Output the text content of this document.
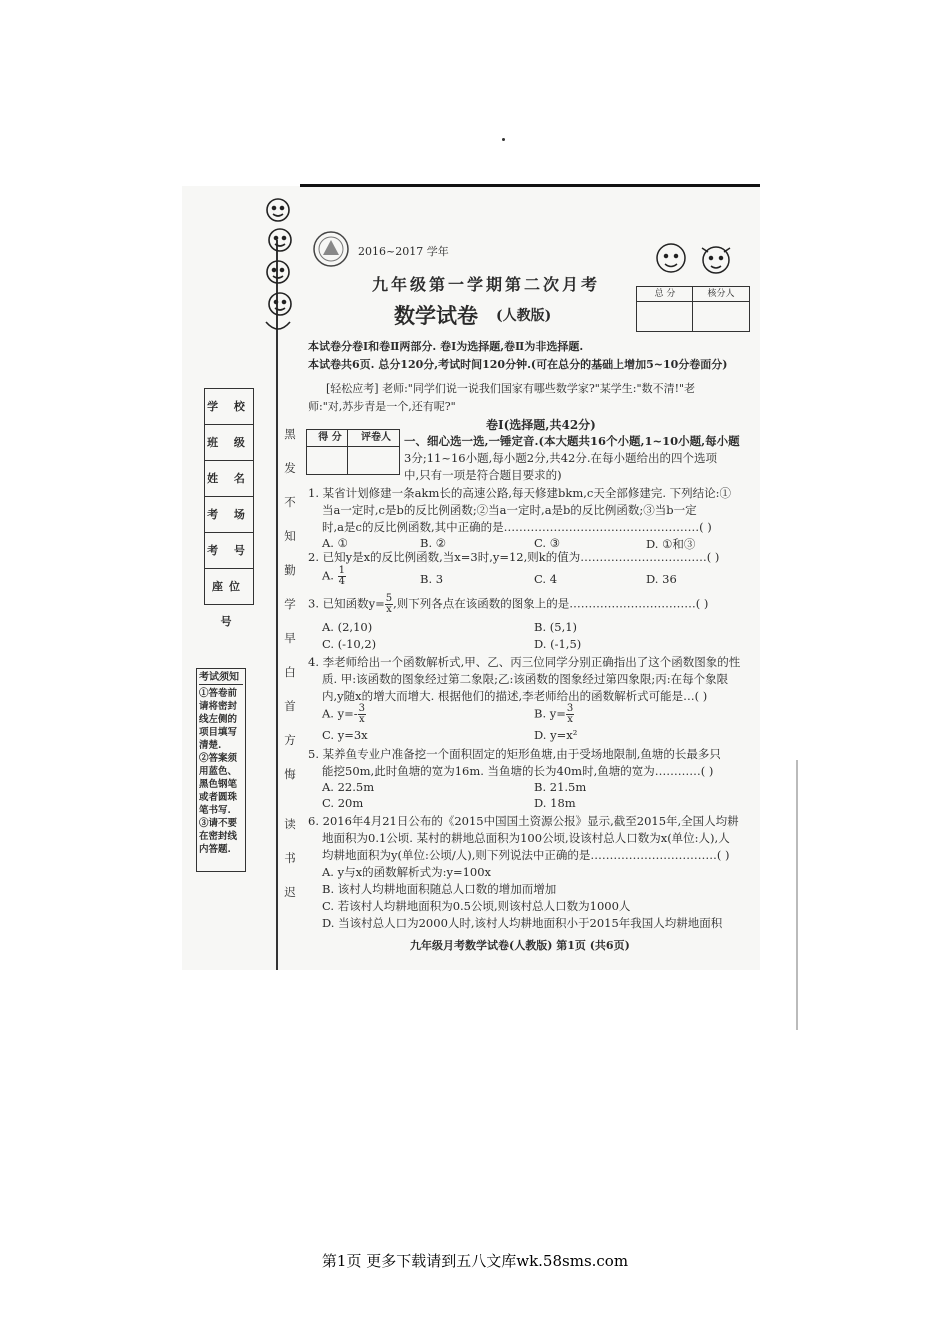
2016~2017 学年
九年级第一学期第二次月考
数学试卷 (人教版)
总 分	核分人
本试卷分卷Ⅰ和卷Ⅱ两部分. 卷Ⅰ为选择题,卷Ⅱ为非选择题.
本试卷共6页. 总分120分,考试时间120分钟.(可在总分的基础上增加5~10分卷面分)
[轻松应考] 老师:"同学们说一说我们国家有哪些数学家?"某学生:"数不清!"老
师:"对,苏步青是一个,还有呢?"
学 校
班 级
姓 名
考 场
考 号
座位号
考试须知
①答卷前
请将密封
线左侧的
项目填写
清楚.
②答案须
用蓝色、
黑色钢笔
或者圆珠
笔书写.
③请不要
在密封线
内答题.
黑
发
不
知
勤
学
早
白
首
方
悔
读
书
迟
卷Ⅰ(选择题,共42分)
得 分	评卷人	一、细心选一选,一锤定音.(本大题共16个小题,1~10小题,每小题
3分;11~16小题,每小题2分,共42分.在每小题给出的四个选项
中,只有一项是符合题目要求的)
1. 某省计划修建一条akm长的高速公路,每天修建bkm,c天全部修建完. 下列结论:①
当a一定时,c是b的反比例函数;②当a一定时,a是b的反比例函数;③当b一定
时,a是c的反比例函数,其中正确的是……………………………………………( )
A. ①	B. ②	C. ③	D. ①和③
2. 已知y是x的反比例函数,当x=3时,y=12,则k的值为……………………………( )
A. $\frac{1}{4}$	B. 3	C. 4	D. 36
3. 已知函数$y= \frac{5}{x}$ ,则下列各点在该函数的图象上的是……………………………( )
A. (2,10)	B. (5,1)
C. (-10,2)	D. (-1,5)
4. 李老师给出一个函数解析式,甲、乙、丙三位同学分别正确指出了这个函数图象的性
质. 甲:该函数的图象经过第二象限;乙:该函数的图象经过第四象限;丙:在每个象限
内,y随x的增大而增大. 根据他们的描述,李老师给出的函数解析式可能是…( )
A. $y=- \frac{3}{x}$	B. $y= \frac{3}{x}$
C. y=3x	D. y=x²
5. 某养鱼专业户准备挖一个面积固定的矩形鱼塘,由于受场地限制,鱼塘的长最多只
能挖50m,此时鱼塘的宽为16m. 当鱼塘的长为40m时,鱼塘的宽为…………( )
A. 22.5m	B. 21.5m
C. 20m	D. 18m
6. 2016年4月21日公布的《2015中国国土资源公报》显示,截至2015年,全国人均耕
地面积为0.1公顷. 某村的耕地总面积为100公顷,设该村总人口数为x(单位:人),人
均耕地面积为y(单位:公顷/人),则下列说法中正确的是……………………………( )
A. y与x的函数解析式为:y=100x
B. 该村人均耕地面积随总人口数的增加而增加
C. 若该村人均耕地面积为0.5公顷,则该村总人口数为1000人
D. 当该村总人口为2000人时,该村人均耕地面积小于2015年我国人均耕地面积
九年级月考数学试卷(人教版) 第1页 (共6页)
第1页 更多下载请到五八文库wk.58sms.com
